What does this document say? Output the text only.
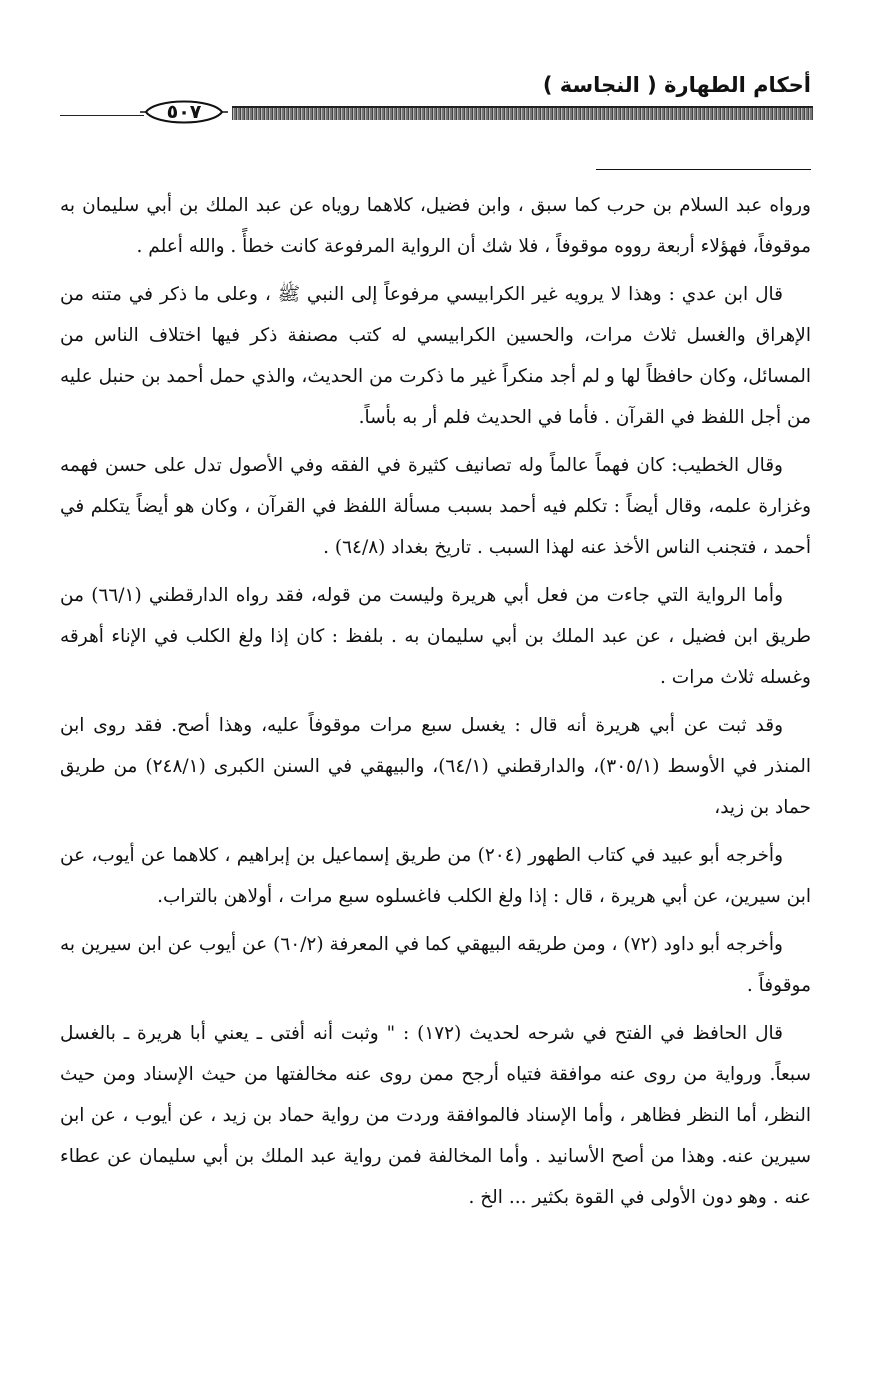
أحكام الطهارة ( النجاسة )
٥٠٧

ورواه عبد السلام بن حرب كما سبق ، وابن فضيل، كلاهما روياه عن عبد الملك بن أبي سليمان به موقوفاً، فهؤلاء أربعة رووه موقوفاً ، فلا شك أن الرواية المرفوعة كانت خطأً . والله أعلم .

قال ابن عدي : وهذا لا يرويه غير الكرابيسي مرفوعاً إلى النبي ﷺ ، وعلى ما ذكر في متنه من الإهراق والغسل ثلاث مرات، والحسين الكرابيسي له كتب مصنفة ذكر فيها اختلاف الناس من المسائل، وكان حافظاً لها و لم أجد منكراً غير ما ذكرت من الحديث، والذي حمل أحمد بن حنبل عليه من أجل اللفظ في القرآن . فأما في الحديث فلم أر به بأساً.

وقال الخطيب: كان فهماً عالماً وله تصانيف كثيرة في الفقه وفي الأصول تدل على حسن فهمه وغزارة علمه، وقال أيضاً : تكلم فيه أحمد بسبب مسألة اللفظ في القرآن ، وكان هو أيضاً يتكلم في أحمد ، فتجنب الناس الأخذ عنه لهذا السبب . تاريخ بغداد (٦٤/٨) .

وأما الرواية التي جاءت من فعل أبي هريرة وليست من قوله، فقد رواه الدارقطني (٦٦/١) من طريق ابن فضيل ، عن عبد الملك بن أبي سليمان به . بلفظ : كان إذا ولغ الكلب في الإناء أهرقه وغسله ثلاث مرات .

وقد ثبت عن أبي هريرة أنه قال : يغسل سبع مرات موقوفاً عليه، وهذا أصح. فقد روى ابن المنذر في الأوسط (٣٠٥/١)، والدارقطني (٦٤/١)، والبيهقي في السنن الكبرى (٢٤٨/١) من طريق حماد بن زيد،

وأخرجه أبو عبيد في كتاب الطهور (٢٠٤) من طريق إسماعيل بن إبراهيم ، كلاهما عن أيوب، عن ابن سيرين، عن أبي هريرة ، قال : إذا ولغ الكلب فاغسلوه سبع مرات ، أولاهن بالتراب.

وأخرجه أبو داود (٧٢) ، ومن طريقه البيهقي كما في المعرفة (٦٠/٢) عن أيوب عن ابن سيرين به موقوفاً .

قال الحافظ في الفتح في شرحه لحديث (١٧٢) : " وثبت أنه أفتى ـ يعني أبا هريرة ـ بالغسل سبعاً. ورواية من روى عنه موافقة فتياه أرجح ممن روى عنه مخالفتها من حيث الإسناد ومن حيث النظر، أما النظر فظاهر ، وأما الإسناد فالموافقة وردت من رواية حماد بن زيد ، عن أيوب ، عن ابن سيرين عنه. وهذا من أصح الأسانيد . وأما المخالفة فمن رواية عبد الملك بن أبي سليمان عن عطاء عنه . وهو دون الأولى في القوة بكثير ... الخ .
